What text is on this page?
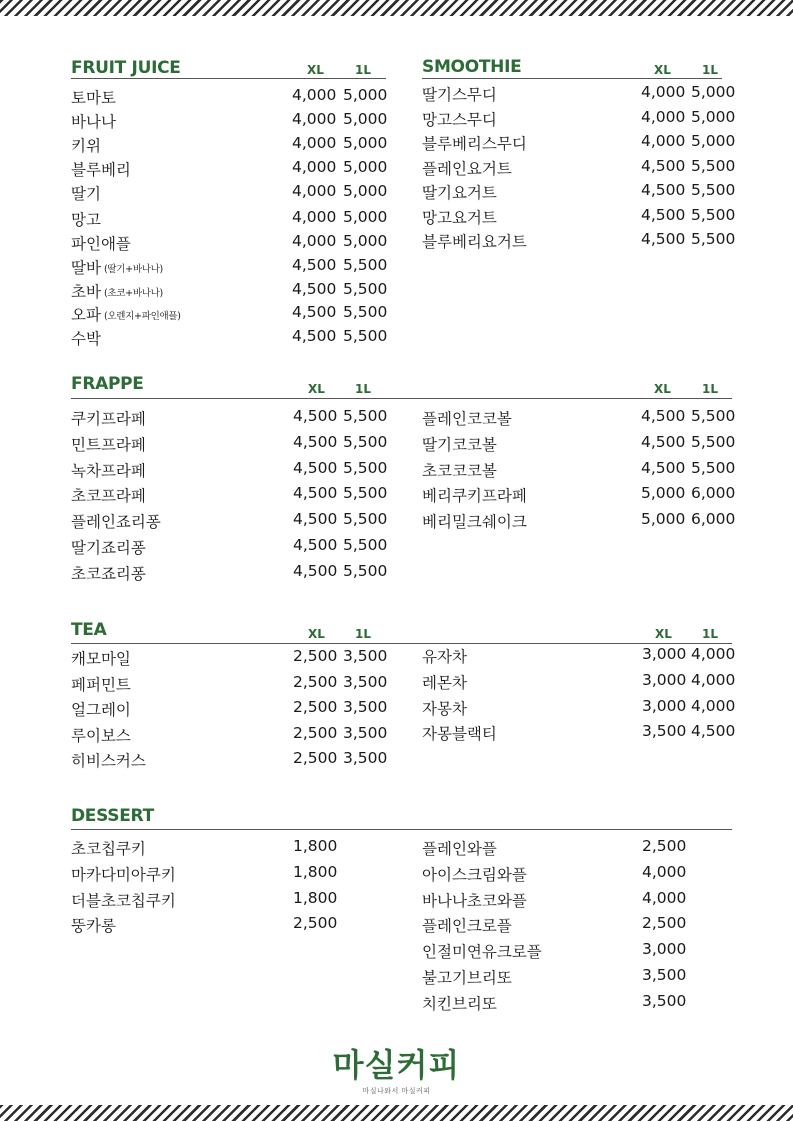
FRUIT JUICE	XL	1L
토마토	4,000 5,000
바나나	4,000 5,000
키위	4,000 5,000
블루베리	4,000 5,000
딸기	4,000 5,000
망고	4,000 5,000
파인애플	4,000 5,000
딸바 (딸기+바나나)	4,500 5,500
초바 (초코+바나나)	4,500 5,500
오파 (오렌지+파인애플)	4,500 5,500
수박	4,500 5,500
SMOOTHIE	XL	1L
딸기스무디	4,000 5,000
망고스무디	4,000 5,000
블루베리스무디	4,000 5,000
플레인요거트	4,500 5,500
딸기요거트	4,500 5,500
망고요거트	4,500 5,500
블루베리요거트	4,500 5,500
FRAPPE	XL	1L	XL	1L
쿠키프라페	4,500 5,500
민트프라페	4,500 5,500
녹차프라페	4,500 5,500
초코프라페	4,500 5,500
플레인죠리퐁	4,500 5,500
딸기죠리퐁	4,500 5,500
초코죠리퐁	4,500 5,500
플레인코코볼	4,500 5,500
딸기코코볼	4,500 5,500
초코코코볼	4,500 5,500
베리쿠키프라페	5,000 6,000
베리밀크쉐이크	5,000 6,000
TEA	XL	1L	XL	1L
캐모마일	2,500 3,500
페퍼민트	2,500 3,500
얼그레이	2,500 3,500
루이보스	2,500 3,500
히비스커스	2,500 3,500
유자차	3,000 4,000
레몬차	3,000 4,000
자몽차	3,000 4,000
자몽블랙티	3,500 4,500
DESSERT
초코칩쿠키	1,800
마카다미아쿠키	1,800
더블초코칩쿠키	1,800
뚱카롱	2,500
플레인와플	2,500
아이스크림와플	4,000
바나나초코와플	4,000
플레인크로플	2,500
인절미연유크로플	3,000
불고기브리또	3,500
치킨브리또	3,500
마실커피
마실나와서 마실커피
